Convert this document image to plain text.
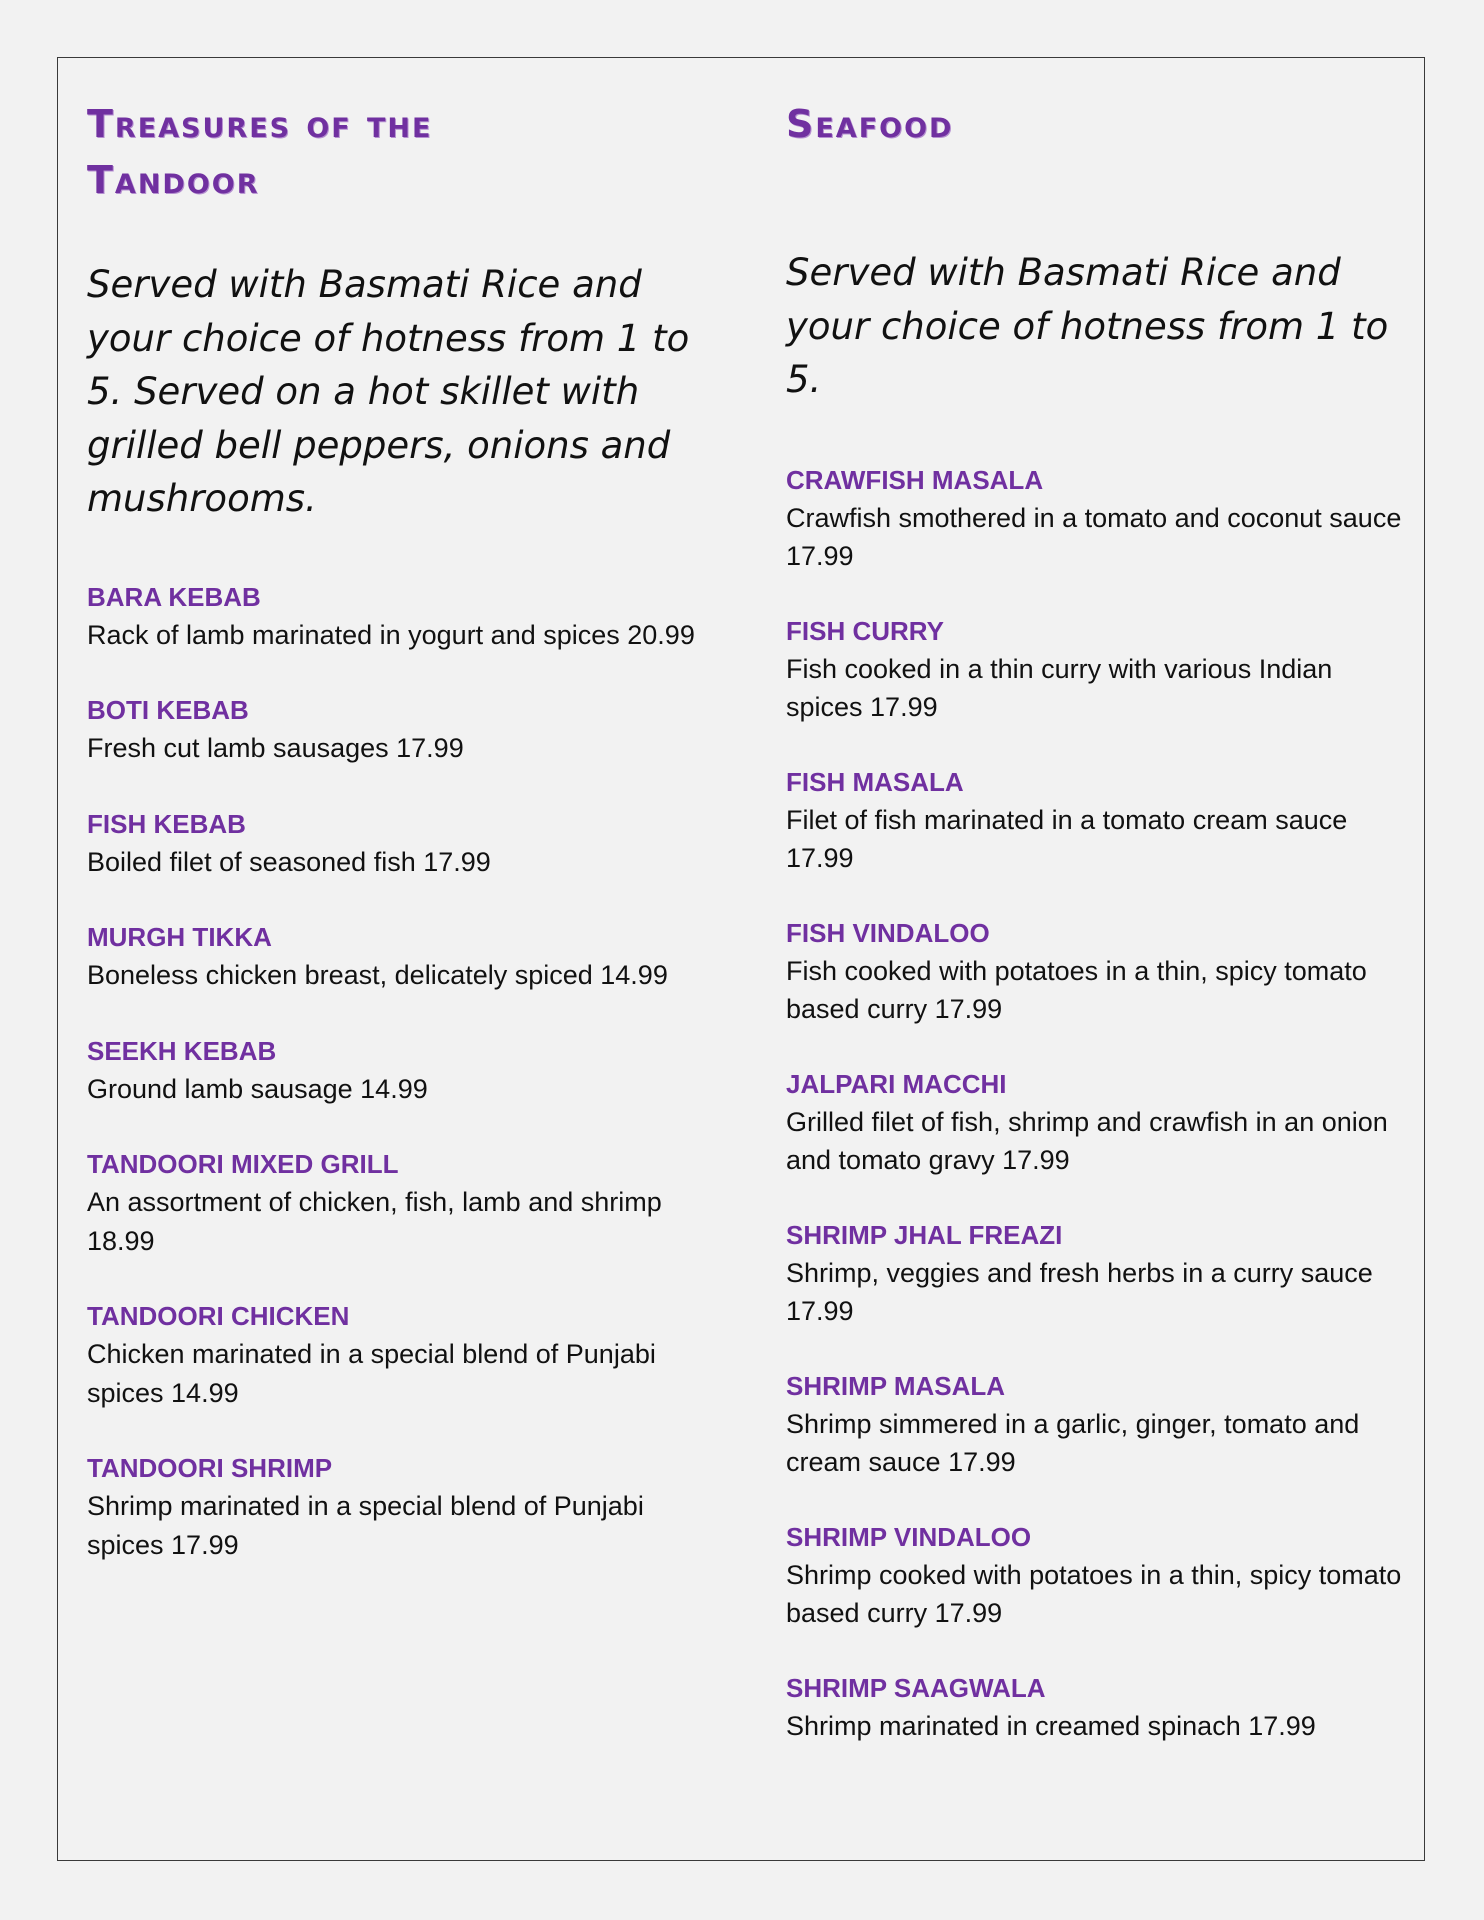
Treasures of the
Tandoor

Served with Basmati Rice and your choice of hotness from 1 to 5. Served on a hot skillet with grilled bell peppers, onions and mushrooms.

BARA KEBAB

Rack of lamb marinated in yogurt and spices 20.99

BOTI KEBAB

Fresh cut lamb sausages 17.99

FISH KEBAB

Boiled filet of seasoned fish 17.99

MURGH TIKKA

Boneless chicken breast, delicately spiced 14.99

SEEKH KEBAB

Ground lamb sausage 14.99

TANDOORI MIXED GRILL

An assortment of chicken, fish, lamb and shrimp 18.99

TANDOORI CHICKEN

Chicken marinated in a special blend of Punjabi spices 14.99

TANDOORI SHRIMP

Shrimp marinated in a special blend of Punjabi spices 17.99

Seafood

Served with Basmati Rice and your choice of hotness from 1 to 5.

CRAWFISH MASALA

Crawfish smothered in a tomato and coconut sauce 17.99

FISH CURRY

Fish cooked in a thin curry with various Indian spices 17.99

FISH MASALA

Filet of fish marinated in a tomato cream sauce 17.99

FISH VINDALOO

Fish cooked with potatoes in a thin, spicy tomato based curry 17.99

JALPARI MACCHI

Grilled filet of fish, shrimp and crawfish in an onion and tomato gravy 17.99

SHRIMP JHAL FREAZI

Shrimp, veggies and fresh herbs in a curry sauce 17.99

SHRIMP MASALA

Shrimp simmered in a garlic, ginger, tomato and cream sauce 17.99

SHRIMP VINDALOO

Shrimp cooked with potatoes in a thin, spicy tomato based curry 17.99

SHRIMP SAAGWALA

Shrimp marinated in creamed spinach 17.99
